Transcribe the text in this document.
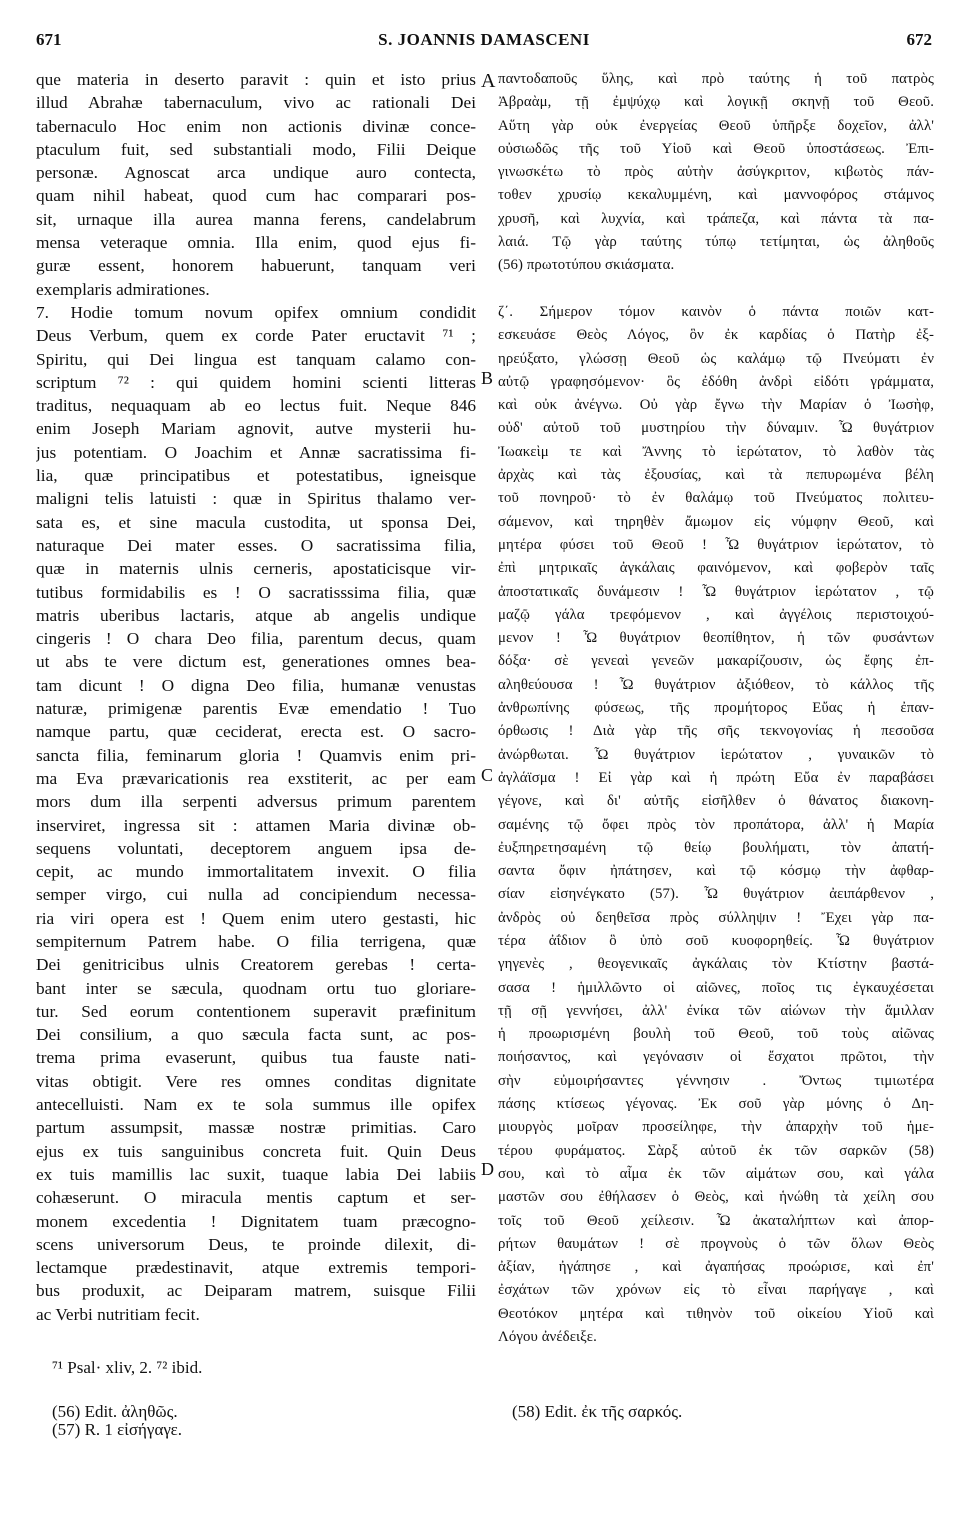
671	S. JOANNIS DAMASCENI	672
que materia in deserto paravit : quin et isto prius
illud Abrahæ tabernaculum, vivo ac rationali Dei
tabernaculo Hoc enim non actionis divinæ conce-
ptaculum fuit, sed substantiali modo, Filii Deique
personæ. Agnoscat arca undique auro contecta,
quam nihil habeat, quod cum hac comparari pos-
sit, urnaque illa aurea manna ferens, candelabrum
mensa veteraque omnia. Illa enim, quod ejus fi-
guræ essent, honorem habuerunt, tanquam veri
exemplaris admirationes.
7. Hodie tomum novum opifex omnium condidit
Deus Verbum, quem ex corde Pater eructavit ⁷¹ ;
Spiritu, qui Dei lingua est tanquam calamo con-
scriptum ⁷² : qui quidem homini scienti litteras
traditus, nequaquam ab eo lectus fuit. Neque 846
enim Joseph Mariam agnovit, autve mysterii hu-
jus potentiam. O Joachim et Annæ sacratissima fi-
lia, quæ principatibus et potestatibus, igneisque
maligni telis latuisti : quæ in Spiritus thalamo ver-
sata es, et sine macula custodita, ut sponsa Dei,
naturaque Dei mater esses. O sacratissima filia,
quæ in maternis ulnis cerneris, apostaticisque vir-
tutibus formidabilis es ! O sacratisssima filia, quæ
matris uberibus lactaris, atque ab angelis undique
cingeris ! O chara Deo filia, parentum decus, quam
ut abs te vere dictum est, generationes omnes bea-
tam dicunt ! O digna Deo filia, humanæ venustas
naturæ, primigenæ parentis Evæ emendatio ! Tuo
namque partu, quæ ceciderat, erecta est. O sacro-
sancta filia, feminarum gloria ! Quamvis enim pri-
ma Eva prævaricationis rea exstiterit, ac per eam
mors dum illa serpenti adversus primum parentem
inserviret, ingressa sit : attamen Maria divinæ ob-
sequens voluntati, deceptorem anguem ipsa de-
cepit, ac mundo immortalitatem invexit. O filia
semper virgo, cui nulla ad concipiendum necessa-
ria viri opera est ! Quem enim utero gestasti, hic
sempiternum Patrem habe. O filia terrigena, quæ
Dei genitricibus ulnis Creatorem gerebas ! certa-
bant inter se sæcula, quodnam ortu tuo gloriare-
tur. Sed eorum contentionem superavit præfinitum
Dei consilium, a quo sæcula facta sunt, ac pos-
trema prima evaserunt, quibus tua fauste nati-
vitas obtigit. Vere res omnes conditas dignitate
antecelluisti. Nam ex te sola summus ille opifex
partum assumpsit, massæ nostræ primitias. Caro
ejus ex tuis sanguinibus concreta fuit. Quin Deus
ex tuis mamillis lac suxit, tuaque labia Dei labiis
cohæserunt. O miracula mentis captum et ser-
monem excedentia ! Dignitatem tuam præcogno-
scens universorum Deus, te proinde dilexit, di-
lectamque prædestinavit, atque extremis tempori-
bus produxit, ac Deiparam matrem, suisque Filii
ac Verbi nutritiam fecit.
παντοδαποῦς ὕλης, καὶ πρὸ ταύτης ἡ τοῦ πατρὸς
Ἀβραὰμ, τῇ ἐμψύχῳ καὶ λογικῇ σκηνῇ τοῦ Θεοῦ.
Αὕτη γὰρ οὐκ ἐνεργείας Θεοῦ ὑπῆρξε δοχεῖον, ἀλλ'
οὐσιωδῶς τῆς τοῦ Υἱοῦ καὶ Θεοῦ ὑποστάσεως. Ἐπι-
γινωσκέτω τὸ πρὸς αὐτὴν ἀσύγκριτον, κιβωτὸς πάν-
τοθεν χρυσίῳ κεκαλυμμένη, καὶ μαννοφόρος στάμνος
χρυσῆ, καὶ λυχνία, καὶ τράπεζα, καὶ πάντα τὰ πα-
λαιά. Τῷ γὰρ ταύτης τύπῳ τετίμηται, ὡς ἀληθοῦς
(56) πρωτοτύπου σκιάσματα.
ζ΄. Σήμερον τόμον καινὸν ὁ πάντα ποιῶν κατ-
εσκευάσε Θεὸς Λόγος, ὃν ἐκ καρδίας ὁ Πατὴρ ἐξ-
ηρεύξατο, γλώσσῃ Θεοῦ ὡς καλάμῳ τῷ Πνεύματι ἐν
αὐτῷ γραφησόμενον· ὃς ἐδόθη ἀνδρὶ εἰδότι γράμματα,
καὶ οὐκ ἀνέγνω. Οὐ γὰρ ἔγνω τὴν Μαρίαν ὁ Ἰωσὴφ,
οὐδ' αὐτοῦ τοῦ μυστηρίου τὴν δύναμιν. Ὦ θυγάτριον
Ἰωακεὶμ τε καὶ Ἄννης τὸ ἱερώτατον, τὸ λαθὸν τὰς
ἀρχὰς καὶ τὰς ἐξουσίας, καὶ τὰ πεπυρωμένα βέλη
τοῦ πονηροῦ· τὸ ἐν θαλάμῳ τοῦ Πνεύματος πολιτευ-
σάμενον, καὶ τηρηθὲν ἄμωμον εἰς νύμφην Θεοῦ, καὶ
μητέρα φύσει τοῦ Θεοῦ ! Ὦ θυγάτριον ἱερώτατον, τὸ
ἐπὶ μητρικαῖς ἀγκάλαις φαινόμενον, καὶ φοβερὸν ταῖς
ἀποστατικαῖς δυνάμεσιν ! Ὦ θυγάτριον ἱερώτατον , τῷ
μαζῷ γάλα τρεφόμενον , καὶ ἀγγέλοις περιστοιχού-
μενον ! Ὦ θυγάτριον θεοπίθητον, ἡ τῶν φυσάντων
δόξα· σὲ γενεαὶ γενεῶν μακαρίζουσιν, ὡς ἔφης ἐπ-
αληθεύουσα ! Ὦ θυγάτριον ἀξιόθεον, τὸ κάλλος τῆς
ἀνθρωπίνης φύσεως, τῆς προμήτορος Εὔας ἡ ἐπαν-
όρθωσις ! Διὰ γὰρ τῆς σῆς τεκνογονίας ἡ πεσοῦσα
ἀνώρθωται. Ὦ θυγάτριον ἱερώτατον , γυναικῶν τὸ
ἀγλάϊσμα ! Εἰ γὰρ καὶ ἡ πρώτη Εὔα ἐν παραβάσει
γέγονε, καὶ δι' αὐτῆς εἰσῆλθεν ὁ θάνατος διακονη-
σαμένης τῷ ὄφει πρὸς τὸν προπάτορα, ἀλλ' ἡ Μαρία
ἐυξπηρετησαμένη τῷ θείῳ βουλήματι, τὸν ἀπατή-
σαντα ὄφιν ἠπάτησεν, καὶ τῷ κόσμῳ τὴν ἀφθαρ-
σίαν εἰσηνέγκατο (57). Ὦ θυγάτριον ἀειπάρθενον ,
ἀνδρὸς οὐ δεηθεῖσα πρὸς σύλληψιν ! Ἔχει γὰρ πα-
τέρα ἀΐδιον ὃ ὑπὸ σοῦ κυοφορηθείς. Ὦ θυγάτριον
γηγενὲς , θεογενικαῖς ἀγκάλαις τὸν Κτίστην βαστά-
σασα ! ἡμιλλῶντο οἱ αἰῶνες, ποῖος τις ἐγκαυχέσεται
τῇ σῇ γεννήσει, ἀλλ' ἐνίκα τῶν αἰώνων τὴν ἅμιλλαν
ἡ προωρισμένη βουλὴ τοῦ Θεοῦ, τοῦ τοὺς αἰῶνας
ποιήσαντος, καὶ γεγόνασιν οἱ ἔσχατοι πρῶτοι, τὴν
σὴν εὐμοιρήσαντες γέννησιν . Ὄντως τιμιωτέρα
πάσης κτίσεως γέγονας. Ἐκ σοῦ γὰρ μόνης ὁ Δη-
μιουργὸς μοῖραν προσείληφε, τὴν ἀπαρχὴν τοῦ ἡμε-
τέρου φυράματος. Σὰρξ αὐτοῦ ἐκ τῶν σαρκῶν (58)
σου, καὶ τὸ αἷμα ἐκ τῶν αἱμάτων σου, καὶ γάλα
μαστῶν σου ἐθήλασεν ὁ Θεὸς, καὶ ἡνώθη τὰ χείλη σου
τοῖς τοῦ Θεοῦ χείλεσιν. Ὦ ἀκαταλήπτων καὶ ἀπορ-
ρήτων θαυμάτων ! σὲ προγνοὺς ὁ τῶν ὅλων Θεὸς
ἀξίαν, ἠγάπησε , καὶ ἀγαπήσας προώρισε, καὶ ἐπ'
ἐσχάτων τῶν χρόνων εἰς τὸ εἶναι παρήγαγε , καὶ
Θεοτόκον μητέρα καὶ τιθηνὸν τοῦ οἰκείου Υἱοῦ καὶ
Λόγου ἀνέδειξε.
A
B
C
D
⁷¹ Psal· xliv, 2. ⁷² ibid.
(56) Edit. ἀληθῶς.
(57) R. 1 εἰσήγαγε.
(58) Edit. ἐκ τῆς σαρκός.
